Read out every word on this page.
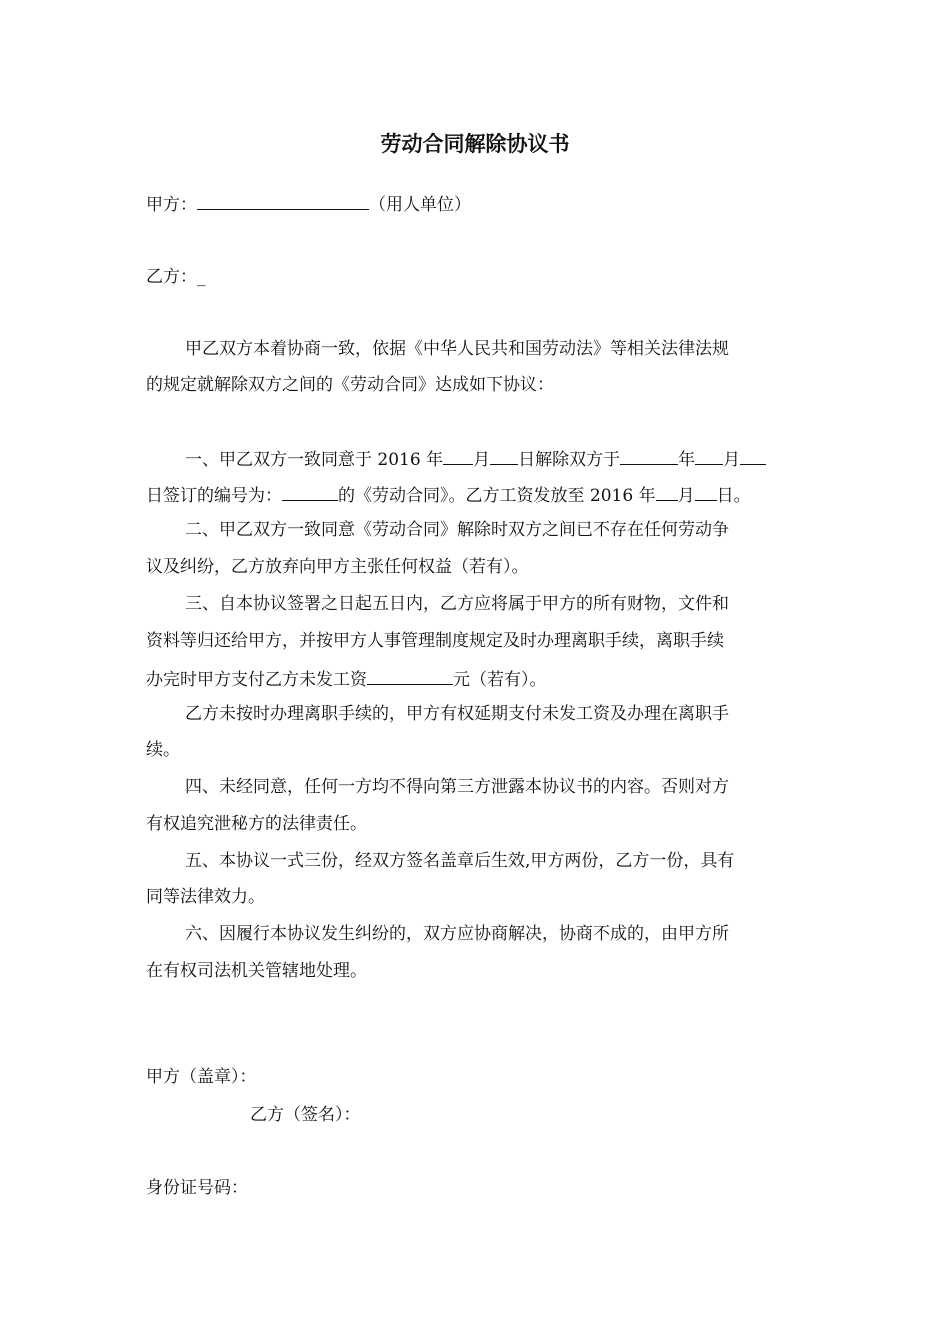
劳动合同解除协议书
甲方：	（用人单位）
乙方：_
甲乙双方本着协商一致，依据《中华人民共和国劳动法》等相关法律法规
的规定就解除双方之间的《劳动合同》达成如下协议：
一、甲乙双方一致同意于 2016 年 月 日解除双方于	年 月
日签订的编号为：	的《劳动合同》。乙方工资发放至 2016 年 月 日。
二、甲乙双方一致同意《劳动合同》解除时双方之间已不存在任何劳动争
议及纠纷，乙方放弃向甲方主张任何权益（若有）。
三、自本协议签署之日起五日内，乙方应将属于甲方的所有财物，文件和
资料等归还给甲方，并按甲方人事管理制度规定及时办理离职手续，离职手续
办完时甲方支付乙方未发工资	元（若有）。
乙方未按时办理离职手续的，甲方有权延期支付未发工资及办理在离职手
续。
四、未经同意，任何一方均不得向第三方泄露本协议书的内容。否则对方
有权追究泄秘方的法律责任。
五、本协议一式三份，经双方签名盖章后生效,甲方两份，乙方一份，具有
同等法律效力。
六、因履行本协议发生纠纷的，双方应协商解决，协商不成的，由甲方所
在有权司法机关管辖地处理。
甲方（盖章）：
乙方（签名）：
身份证号码：
